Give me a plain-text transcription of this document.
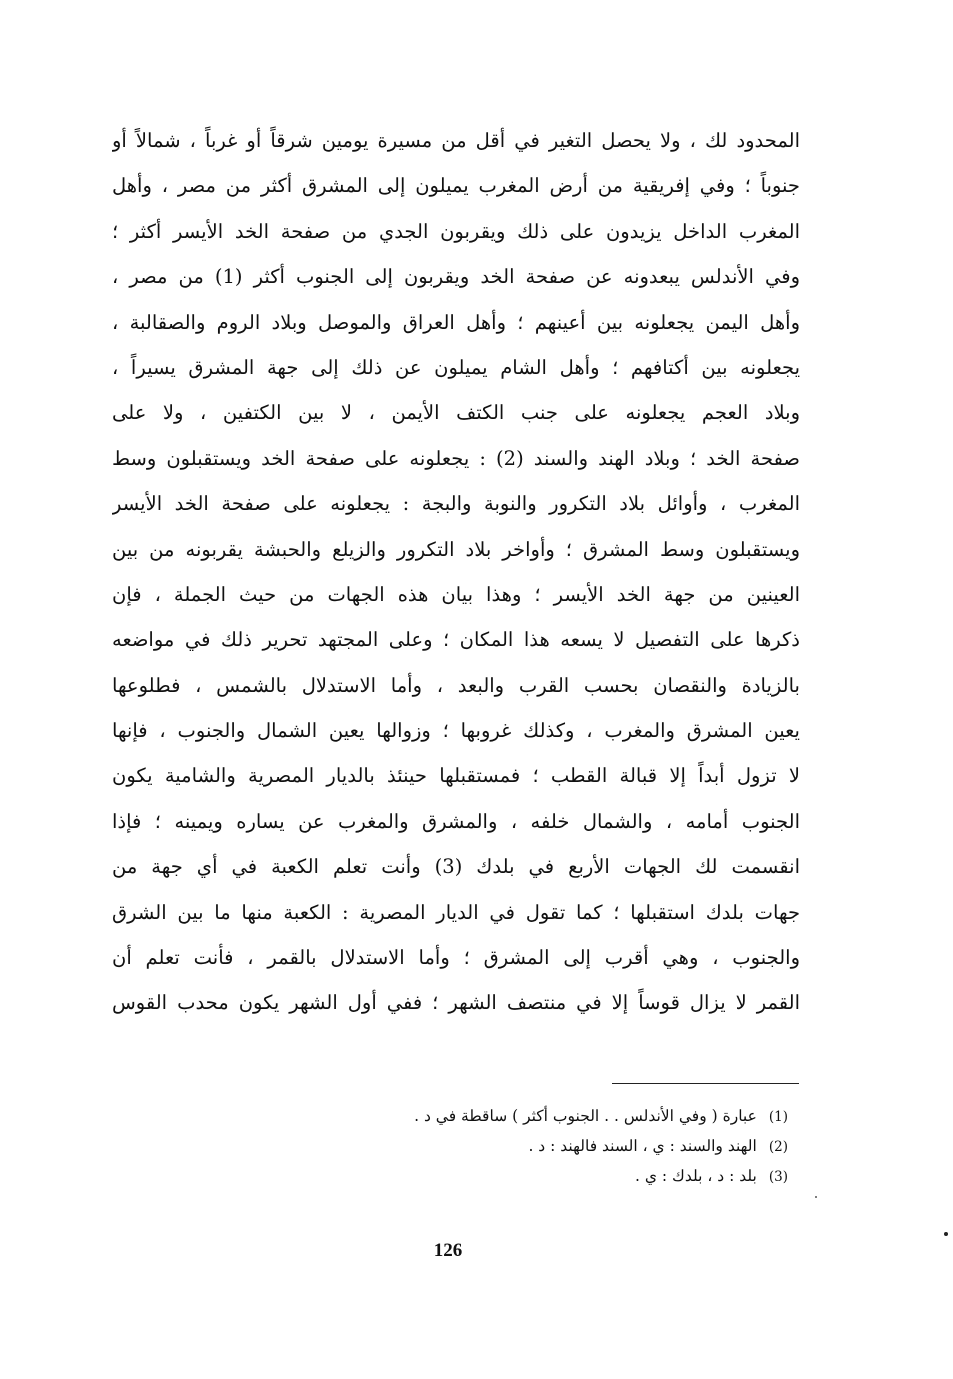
المحدود لك ، ولا يحصل التغير في أقل من مسيرة يومين شرقاً أو غرباً ، شمالاً أو
جنوباً ؛ وفي إفريقية من أرض المغرب يميلون إلى المشرق أكثر من مصر ، وأهل
المغرب الداخل يزيدون على ذلك ويقربون الجدي من صفحة الخد الأيسر أكثر ؛
وفي الأندلس يبعدونه عن صفحة الخد ويقربون إلى الجنوب أكثر (1) من مصر ،
وأهل اليمن يجعلونه بين أعينهم ؛ وأهل العراق والموصل وبلاد الروم والصقالبة ،
يجعلونه بين أكتافهم ؛ وأهل الشام يميلون عن ذلك إلى جهة المشرق يسيراً ،
وبلاد العجم يجعلونه على جنب الكتف الأيمن ، لا بين الكتفين ، ولا على
صفحة الخد ؛ وبلاد الهند والسند (2) : يجعلونه على صفحة الخد ويستقبلون وسط
المغرب ، وأوائل بلاد التكرور والنوبة والبجة : يجعلونه على صفحة الخد الأيسر
ويستقبلون وسط المشرق ؛ وأواخر بلاد التكرور والزيلع والحبشة يقربونه من بين
العينين من جهة الخد الأيسر ؛ وهذا بيان هذه الجهات من حيث الجملة ، فإن
ذكرها على التفصيل لا يسعه هذا المكان ؛ وعلى المجتهد تحرير ذلك في مواضعه
بالزيادة والنقصان بحسب القرب والبعد ، وأما الاستدلال بالشمس ، فطلوعها
يعين المشرق والمغرب ، وكذلك غروبها ؛ وزوالها يعين الشمال والجنوب ، فإنها
لا تزول أبداً إلا قبالة القطب ؛ فمستقبلها حينئذ بالديار المصرية والشامية يكون
الجنوب أمامه ، والشمال خلفه ، والمشرق والمغرب عن يساره ويمينه ؛ فإذا
انقسمت لك الجهات الأربع في بلدك (3) وأنت تعلم الكعبة في أي جهة من
جهات بلدك استقبلها ؛ كما تقول في الديار المصرية : الكعبة منها ما بين الشرق
والجنوب ، وهي أقرب إلى المشرق ؛ وأما الاستدلال بالقمر ، فأنت تعلم أن
القمر لا يزال قوساً إلا في منتصف الشهر ؛ ففي أول الشهر يكون محدب القوس
(1)عبارة ( وفي الأندلس . . الجنوب أكثر ) ساقطة في د .
(2)الهند والسند : ي ، السند فالهند : د .
(3)بلد : د ، بلدك : ي .
126
